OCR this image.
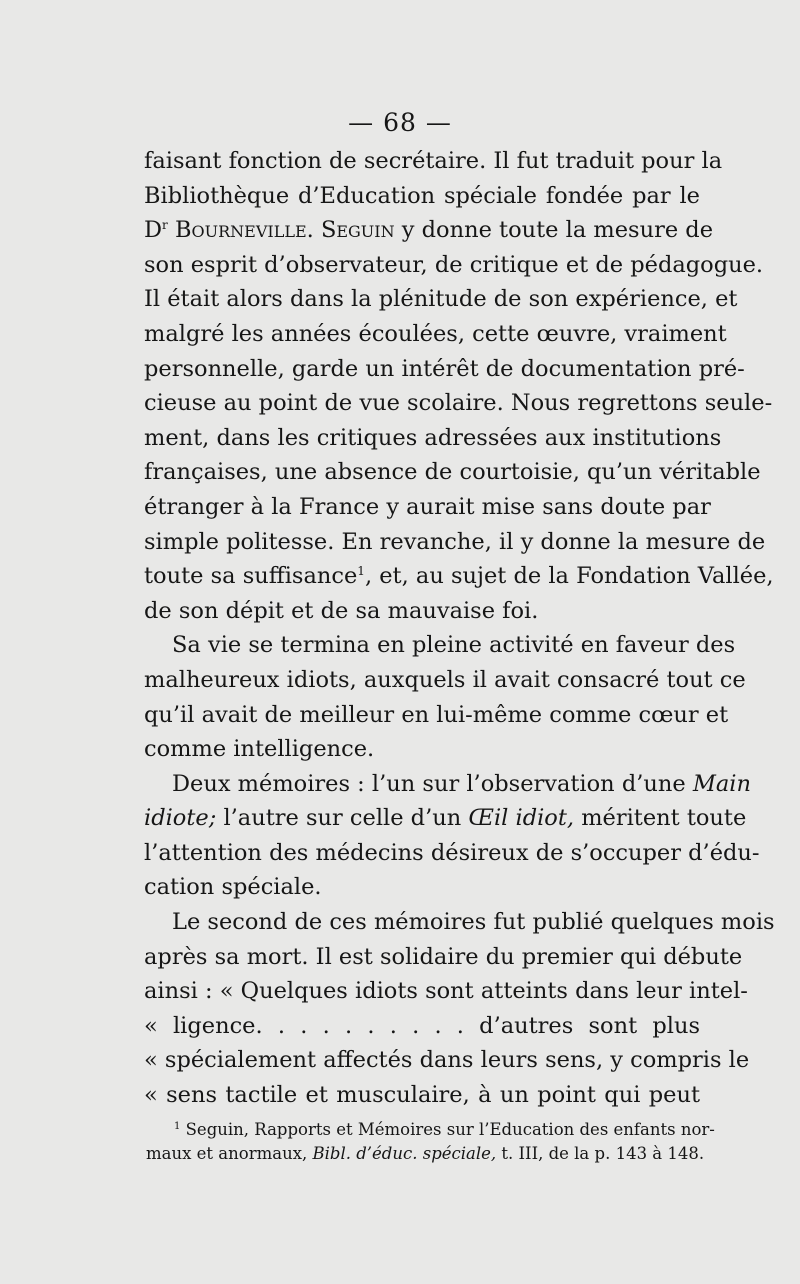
— 68 —
faisant fonction de secrétaire. Il fut traduit pour la
Bibliothèque d’Education spéciale fondée par le
$D^r$ Bourneville. Seguin y donne toute la mesure de
son esprit d’observateur, de critique et de pédagogue.
Il était alors dans la plénitude de son expérience, et
malgré les années écoulées, cette œuvre, vraiment
personnelle, garde un intérêt de documentation pré-
cieuse au point de vue scolaire. Nous regrettons seule-
ment, dans les critiques adressées aux institutions
françaises, une absence de courtoisie, qu’un véritable
étranger à la France y aurait mise sans doute par
simple politesse. En revanche, il y donne la mesure de
toute sa suffisance$^1$, et, au sujet de la Fondation Vallée,
de son dépit et de sa mauvaise foi.
Sa vie se termina en pleine activité en faveur des
malheureux idiots, auxquels il avait consacré tout ce
qu’il avait de meilleur en lui-même comme cœur et
comme intelligence.
Deux mémoires : l’un sur l’observation d’une Main
idiote; l’autre sur celle d’un Œil idiot, méritent toute
l’attention des médecins désireux de s’occuper d’édu-
cation spéciale.
Le second de ces mémoires fut publié quelques mois
après sa mort. Il est solidaire du premier qui débute
ainsi : « Quelques idiots sont atteints dans leur intel-
« ligence. . . . . . . . . . d’autres sont plus
« spécialement affectés dans leurs sens, y compris le
« sens tactile et musculaire, à un point qui peut
$^1$ Seguin, Rapports et Mémoires sur l’Education des enfants nor-
maux et anormaux, Bibl. d’éduc. spéciale, t. III, de la p. 143 à 148.
